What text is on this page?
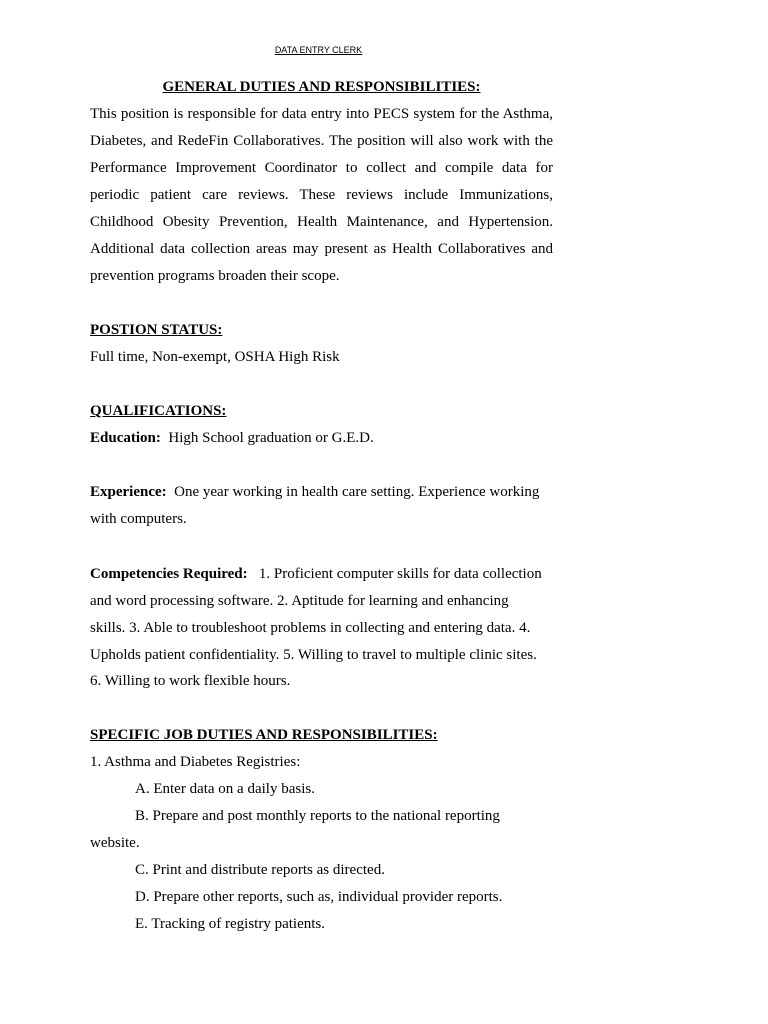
DATA ENTRY CLERK
GENERAL DUTIES AND RESPONSIBILITIES:
This position is responsible for data entry into PECS system for the Asthma,
Diabetes, and RedeFin Collaboratives. The position will also work with the
Performance Improvement Coordinator to collect and compile data for
periodic patient care reviews. These reviews include Immunizations,
Childhood Obesity Prevention, Health Maintenance, and Hypertension.
Additional data collection areas may present as Health Collaboratives and
prevention programs broaden their scope.
POSTION STATUS:
Full time, Non-exempt, OSHA High Risk
QUALIFICATIONS:
Education: High School graduation or G.E.D.
Experience: One year working in health care setting. Experience working
with computers.
Competencies Required: 1. Proficient computer skills for data collection
and word processing software. 2. Aptitude for learning and enhancing
skills. 3. Able to troubleshoot problems in collecting and entering data. 4.
Upholds patient confidentiality. 5. Willing to travel to multiple clinic sites.
6. Willing to work flexible hours.
SPECIFIC JOB DUTIES AND RESPONSIBILITIES:
1. Asthma and Diabetes Registries:
A. Enter data on a daily basis.
B. Prepare and post monthly reports to the national reporting
website.
C. Print and distribute reports as directed.
D. Prepare other reports, such as, individual provider reports.
E. Tracking of registry patients.
